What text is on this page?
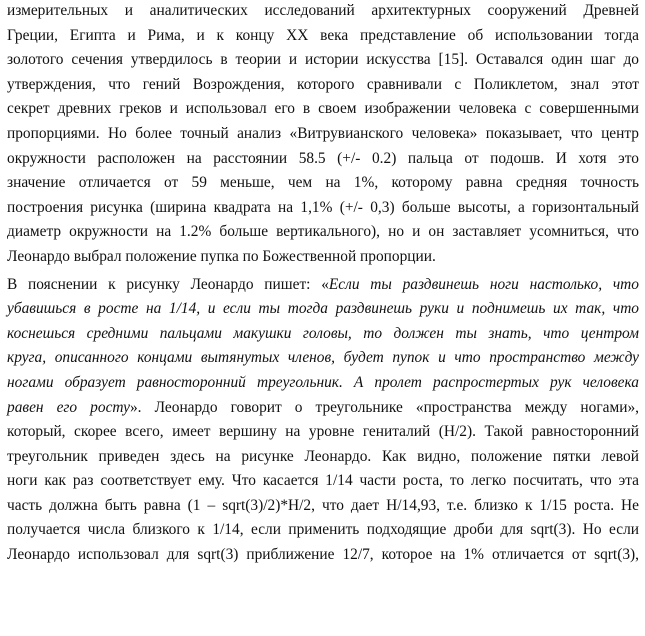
измерительных и аналитических исследований архитектурных сооружений Древней
Греции, Египта и Рима, и к концу XX века представление об использовании тогда
золотого сечения утвердилось в теории и истории искусства [15]. Оставался один шаг до
утверждения, что гений Возрождения, которого сравнивали с Поликлетом, знал этот
секрет древних греков и использовал его в своем изображении человека с совершенными
пропорциями. Но более точный анализ «Витрувианского человека» показывает, что центр
окружности расположен на расстоянии 58.5 (+/- 0.2) пальца от подошв. И хотя это
значение отличается от 59 меньше, чем на 1%, которому равна средняя точность
построения рисунка (ширина квадрата на 1,1% (+/- 0,3) больше высоты, а горизонтальный
диаметр окружности на 1.2% больше вертикального), но и он заставляет усомниться, что
Леонардо выбрал положение пупка по Божественной пропорции.

В пояснении к рисунку Леонардо пишет: «Если ты раздвинешь ноги настолько, что
убавишься в росте на 1/14, и если ты тогда раздвинешь руки и поднимешь их так, что
коснешься средними пальцами макушки головы, то должен ты знать, что центром
круга, описанного концами вытянутых членов, будет пупок и что пространство между
ногами образует равносторонний треугольник. А пролет распростертых рук человека
равен его росту». Леонардо говорит о треугольнике «пространства между ногами»,
который, скорее всего, имеет вершину на уровне гениталий (H/2). Такой равносторонний
треугольник приведен здесь на рисунке Леонардо. Как видно, положение пятки левой
ноги как раз соответствует ему. Что касается 1/14 части роста, то легко посчитать, что эта
часть должна быть равна (1 – sqrt(3)/2)*H/2, что дает H/14,93, т.е. близко к 1/15 роста. Не
получается числа близкого к 1/14, если применить подходящие дроби для sqrt(3). Но если
Леонардо использовал для sqrt(3) приближение 12/7, которое на 1% отличается от sqrt(3),
